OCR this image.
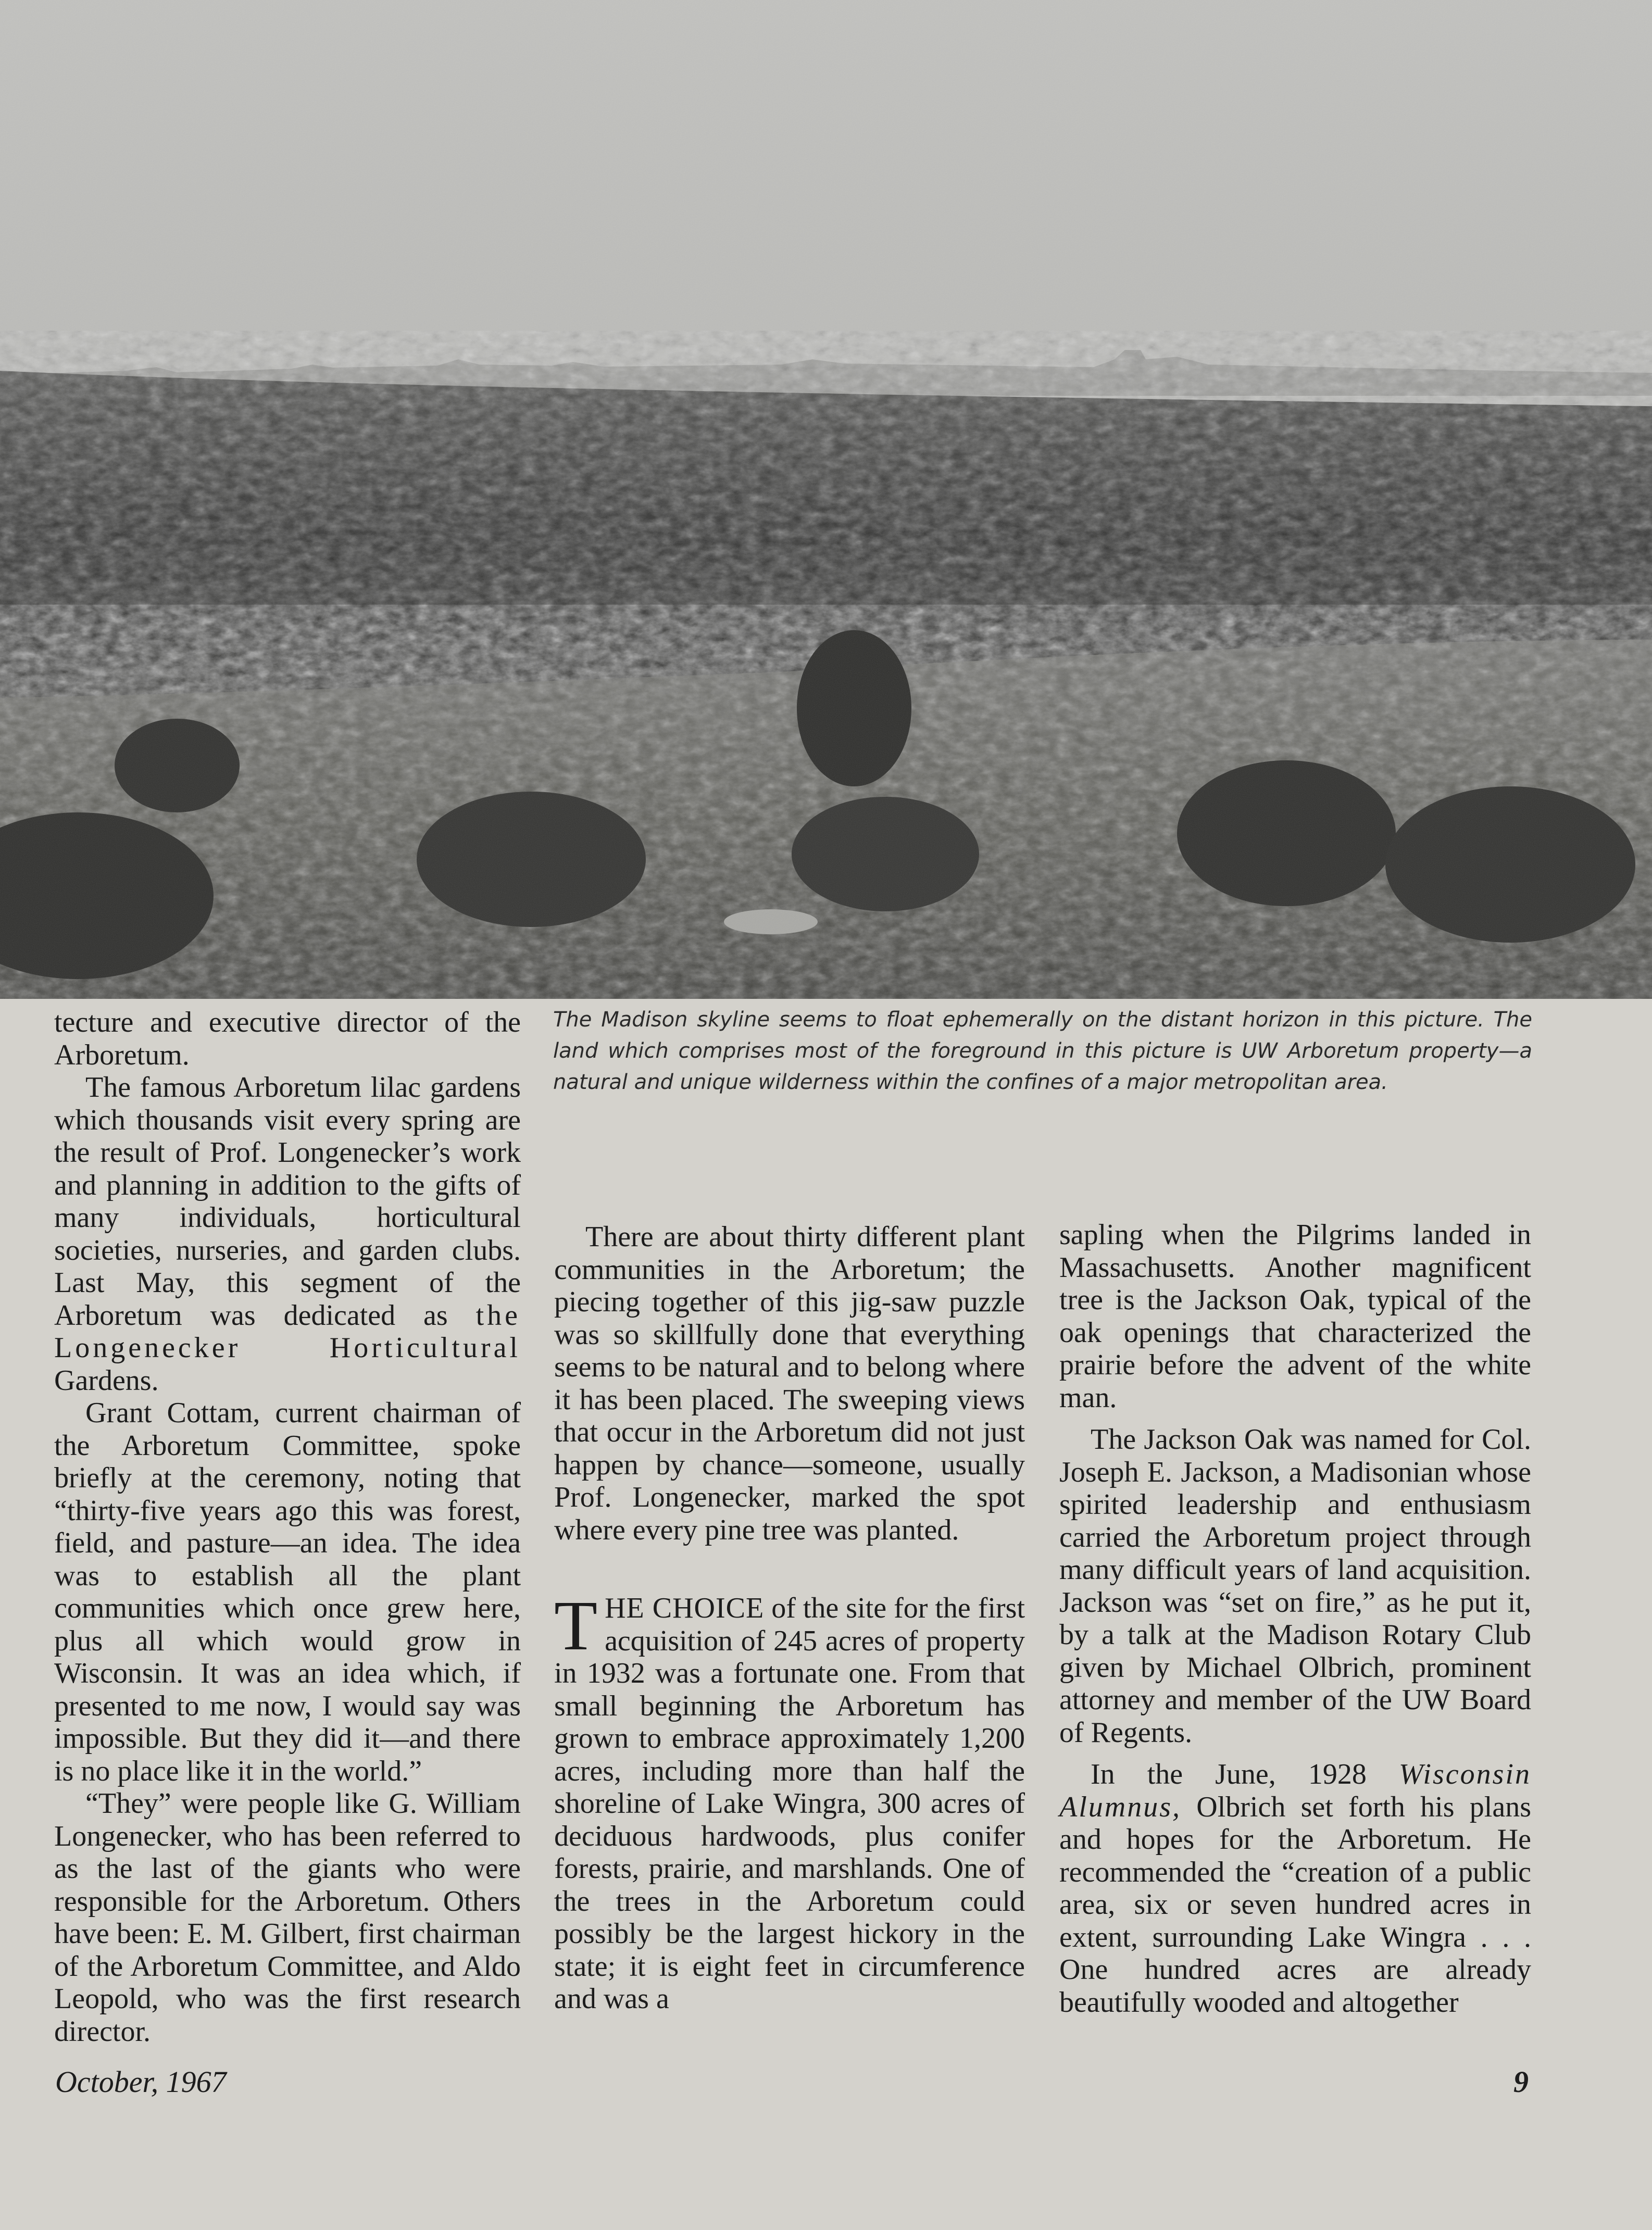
The Madison skyline seems to float ephemerally on the distant horizon in this picture. The land which comprises most of the foreground in this picture is UW Arboretum property—a natural and unique wilderness within the confines of a major metropolitan area.

tecture and executive director of the Arboretum.

The famous Arboretum lilac gardens which thousands visit every spring are the result of Prof. Longenecker’s work and planning in addition to the gifts of many individuals, horticultural societies, nurseries, and garden clubs. Last May, this segment of the Arboretum was dedicated as the Longenecker Horticultural Gardens.

Grant Cottam, current chairman of the Arboretum Committee, spoke briefly at the ceremony, noting that “thirty-five years ago this was forest, field, and pasture—an idea. The idea was to establish all the plant communities which once grew here, plus all which would grow in Wisconsin. It was an idea which, if presented to me now, I would say was impossible. But they did it—and there is no place like it in the world.”

“They” were people like G. William Longenecker, who has been referred to as the last of the giants who were responsible for the Arboretum. Others have been: E. M. Gilbert, first chairman of the Arboretum Committee, and Aldo Leopold, who was the first research director.

There are about thirty different plant communities in the Arboretum; the piecing together of this jig-saw puzzle was so skillfully done that everything seems to be natural and to belong where it has been placed. The sweeping views that occur in the Arboretum did not just happen by chance—someone, usually Prof. Longenecker, marked the spot where every pine tree was planted.

THE CHOICE of the site for the first acquisition of 245 acres of property in 1932 was a fortunate one. From that small beginning the Arboretum has grown to embrace approximately 1,200 acres, including more than half the shoreline of Lake Wingra, 300 acres of deciduous hardwoods, plus conifer forests, prairie, and marshlands. One of the trees in the Arboretum could possibly be the largest hickory in the state; it is eight feet in circumference and was a

sapling when the Pilgrims landed in Massachusetts. Another magnificent tree is the Jackson Oak, typical of the oak openings that characterized the prairie before the advent of the white man.

The Jackson Oak was named for Col. Joseph E. Jackson, a Madisonian whose spirited leadership and enthusiasm carried the Arboretum project through many difficult years of land acquisition. Jackson was “set on fire,” as he put it, by a talk at the Madison Rotary Club given by Michael Olbrich, prominent attorney and member of the UW Board of Regents.

In the June, 1928 Wisconsin Alumnus, Olbrich set forth his plans and hopes for the Arboretum. He recommended the “creation of a public area, six or seven hundred acres in extent, surrounding Lake Wingra . . . One hundred acres are already beautifully wooded and altogether

October, 1967	9
